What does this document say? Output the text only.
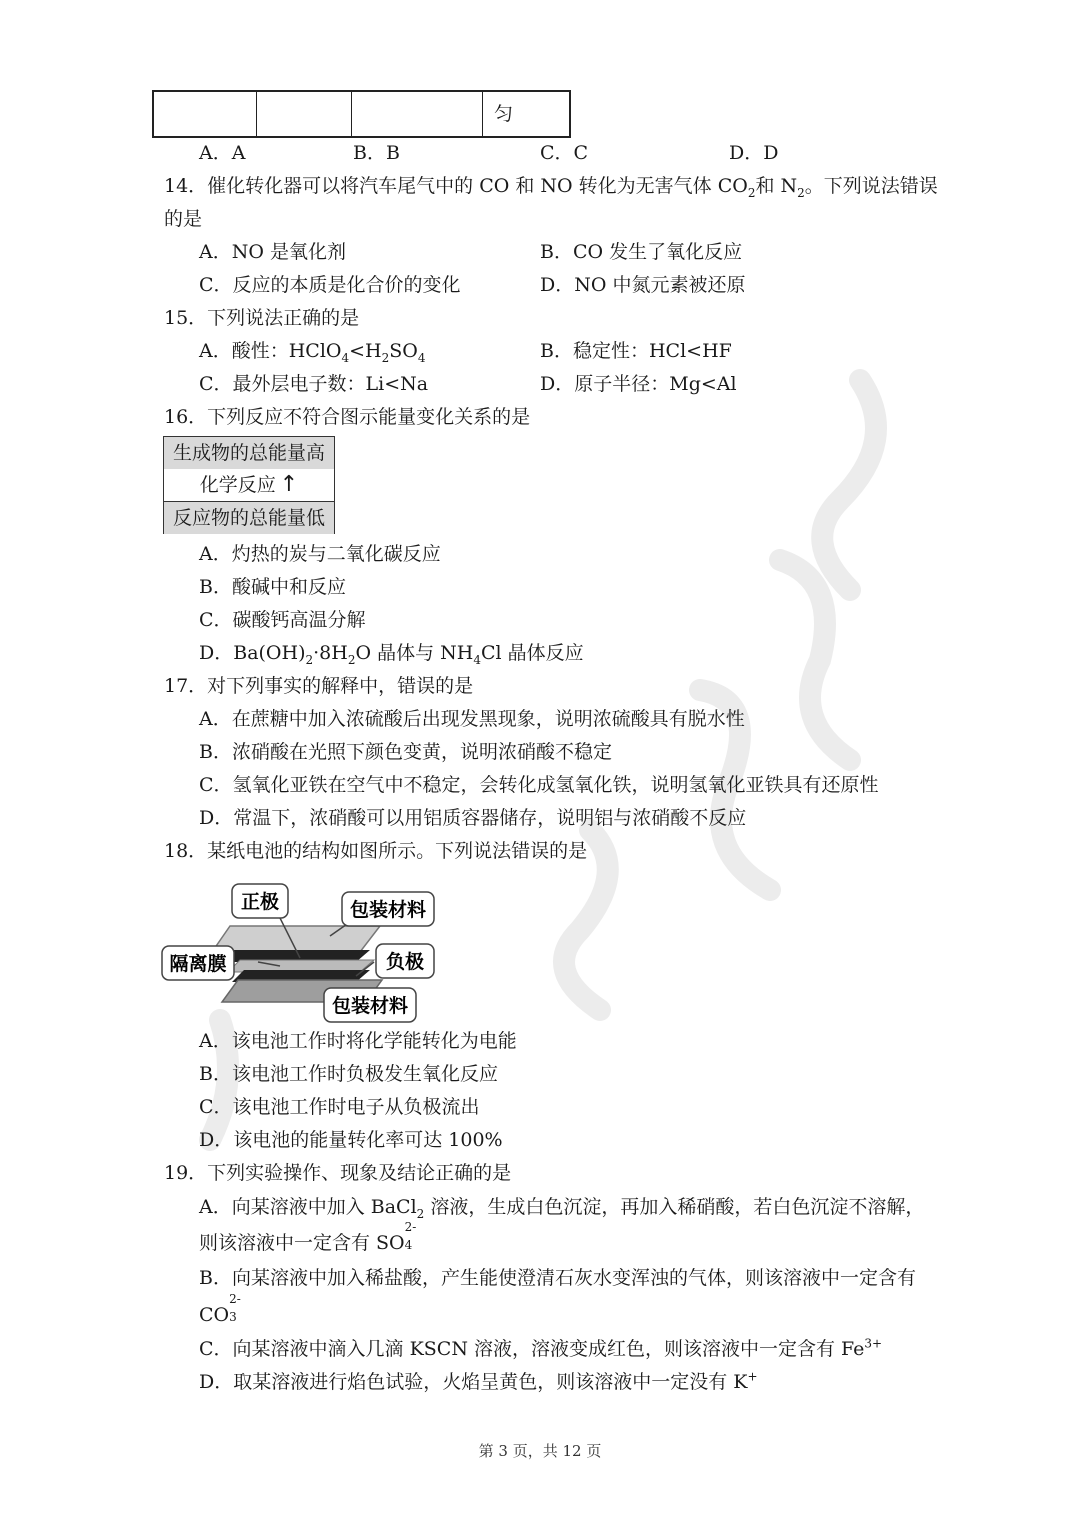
匀
A．A	B．B	C．C	D．D
14．催化转化器可以将汽车尾气中的 CO 和 NO 转化为无害气体 $CO_2$和 $N_2$。下列说法错误
的是
A．NO 是氧化剂	B．CO 发生了氧化反应
C．反应的本质是化合价的变化	D．NO 中氮元素被还原
15．下列说法正确的是
A．酸性：$HClO_4<H_2SO_4$	B．稳定性：HCl<HF
C．最外层电子数：Li<Na	D．原子半径：Mg<Al
16．下列反应不符合图示能量变化关系的是
生成物的总能量高
化学反应 ↑
反应物的总能量低
A．灼热的炭与二氧化碳反应
B．酸碱中和反应
C．碳酸钙高温分解
D．$Ba(OH)_2\cdot 8H_2O$ 晶体与 $NH_4Cl$ 晶体反应
17．对下列事实的解释中，错误的是
A．在蔗糖中加入浓硫酸后出现发黑现象，说明浓硫酸具有脱水性
B．浓硝酸在光照下颜色变黄，说明浓硝酸不稳定
C．氢氧化亚铁在空气中不稳定，会转化成氢氧化铁，说明氢氧化亚铁具有还原性
D．常温下，浓硝酸可以用铝质容器储存，说明铝与浓硝酸不反应
18．某纸电池的结构如图所示。下列说法错误的是
正极	包装材料
隔离膜	负极
包装材料
A．该电池工作时将化学能转化为电能
B．该电池工作时负极发生氧化反应
C．该电池工作时电子从负极流出
D．该电池的能量转化率可达 100%
19．下列实验操作、现象及结论正确的是
A．向某溶液中加入 BaCl$_2$ 溶液，生成白色沉淀，再加入稀硝酸，若白色沉淀不溶解，
则该溶液中一定含有 SO
2-
4
B．向某溶液中加入稀盐酸，产生能使澄清石灰水变浑浊的气体，则该溶液中一定含有
CO
2-
3
C．向某溶液中滴入几滴 KSCN 溶液，溶液变成红色，则该溶液中一定含有 $Fe^{3+}$
D．取某溶液进行焰色试验，火焰呈黄色，则该溶液中一定没有 K+
第 3 页，共 12 页
